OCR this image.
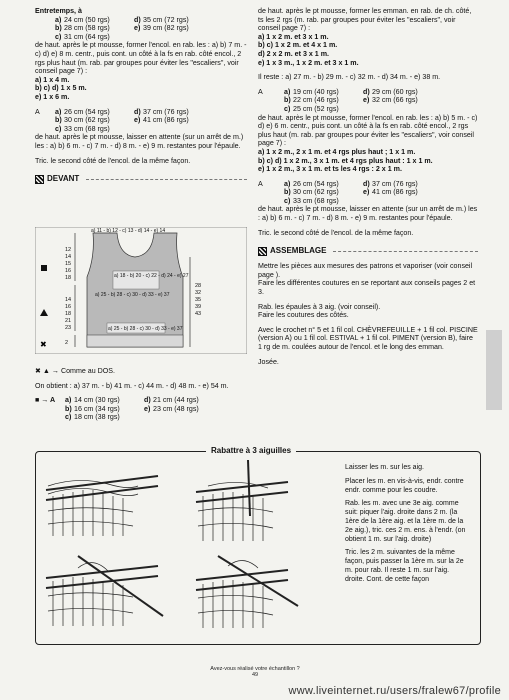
Entretemps, à

a) 24 cm (50 rgs)	d) 35 cm (72 rgs)
b) 28 cm (58 rgs)	e) 39 cm (82 rgs)
c) 31 cm (64 rgs)

de haut. après le pt mousse, former l'encol. en rab. les : a) b) 7 m. - c) d) e) 8 m. centr., puis cont. un côté à la fs en rab. côté encol., 2 rgs plus haut (m. rab. par groupes pour éviter les "escaliers", voir conseil page 7) :

a) 1 x 4 m.

b) c) d) 1 x 5 m.

e) 1 x 6 m.

A	a) 26 cm (54 rgs)	d) 37 cm (76 rgs)
b) 30 cm (62 rgs)	e) 41 cm (86 rgs)
c) 33 cm (68 rgs)

de haut. après le pt mousse, laisser en attente (sur un arrêt de m.) les : a) b) 6 m. - c) 7 m. - d) 8 m. - e) 9 m. restantes pour l'épaule.

Tric. le second côté de l'encol. de la même façon.

DEVANT
✖
12
14
15
16
18
14
16
18
21
23
2
28
32
35
39
43
a) 11 - b) 12 - c) 13 - d) 14 - e) 14
a) 18 - b) 20 - c) 22 - d) 24 - e) 27
a) 25 - b) 28 - c) 30 - d) 33 - e) 37
a) 25 - b) 28 - c) 30 - d) 33 - e) 37

✖ ▲ → Comme au DOS.

On obtient : a) 37 m. - b) 41 m. - c) 44 m. - d) 48 m. - e) 54 m.

■ → A	a) 14 cm (30 rgs)	d) 21 cm (44 rgs)
b) 16 cm (34 rgs)	e) 23 cm (48 rgs)
c) 18 cm (38 rgs)

de haut. après le pt mousse, former les emman. en rab. de ch. côté, ts les 2 rgs (m. rab. par groupes pour éviter les "escaliers", voir conseil page 7) :

a) 1 x 2 m. et 3 x 1 m.

b) c) 1 x 2 m. et 4 x 1 m.

d) 2 x 2 m. et 3 x 1 m.

e) 1 x 3 m., 1 x 2 m. et 3 x 1 m.

Il reste : a) 27 m. - b) 29 m. - c) 32 m. - d) 34 m. - e) 38 m.

A	a) 19 cm (40 rgs)	d) 29 cm (60 rgs)
b) 22 cm (46 rgs)	e) 32 cm (66 rgs)
c) 25 cm (52 rgs)

de haut. après le pt mousse, former l'encol. en rab. les : a) b) 5 m. - c) d) e) 6 m. centr., puis cont. un côté à la fs en rab. côté encol., 2 rgs plus haut (m. rab. par groupes pour éviter les "escaliers", voir conseil page 7) :

a) 1 x 2 m., 2 x 1 m. et 4 rgs plus haut ; 1 x 1 m.

b) c) d) 1 x 2 m., 3 x 1 m. et 4 rgs plus haut : 1 x 1 m.

e) 1 x 2 m., 3 x 1 m. et ts les 4 rgs : 2 x 1 m.

A	a) 26 cm (54 rgs)	d) 37 cm (76 rgs)
b) 30 cm (62 rgs)	e) 41 cm (86 rgs)
c) 33 cm (68 rgs)

de haut. après le pt mousse, laisser en attente (sur un arrêt de m.) les : a) b) 6 m. - c) 7 m. - d) 8 m. - e) 9 m. restantes pour l'épaule.

Tric. le second côté de l'encol. de la même façon.

ASSEMBLAGE

Mettre les pièces aux mesures des patrons et vaporiser (voir conseil page ).

Faire les différentes coutures en se reportant aux conseils pages 2 et 3.

Rab. les épaules à 3 aig. (voir conseil).

Faire les coutures des côtés.

Avec le crochet n° 5 et 1 fil col. CHÈVREFEUILLE + 1 fil col. PISCINE (version A) ou 1 fil col. ESTIVAL + 1 fil col. PIMENT (version B), faire 1 rg de m. coulées autour de l'encol. et le long des emman.

Josée.

Rabattre à 3 aiguilles

Laisser les m. sur les aig.

Placer les m. en vis-à-vis, endr. contre endr. comme pour les coudre.

Rab. les m. avec une 3e aig. comme suit: piquer l'aig. droite dans 2 m. (la 1ère de la 1ère aig. et la 1ère m. de la 2e aig.), tric. ces 2 m. ens. à l'endr. (on obtient 1 m. sur l'aig. droite)

Tric. les 2 m. suivantes de la même façon, puis passer la 1ère m. sur la 2e m. pour rab. Il reste 1 m. sur l'aig. droite. Cont. de cette façon

Avez-vous réalisé votre échantillon ?
49
www.liveinternet.ru/users/fralew67/profile
